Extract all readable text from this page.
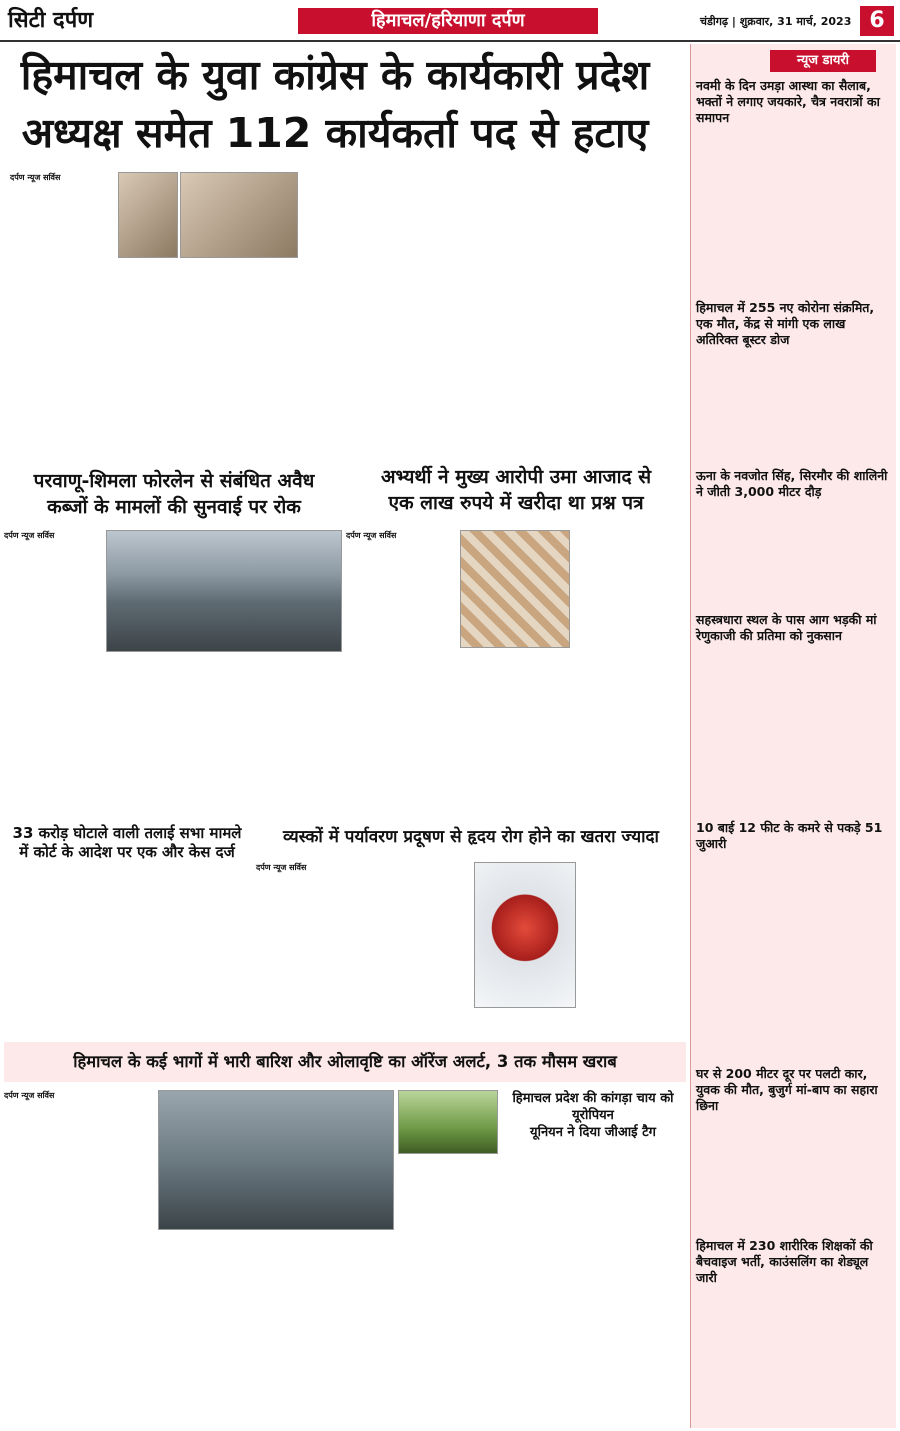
सिटी दर्पण	हिमाचल/हरियाणा दर्पण	चंडीगढ़ | शुक्रवार, 31 मार्च, 2023 6
हिमाचल के युवा कांग्रेस के कार्यकारी प्रदेश
अध्यक्ष समेत 112 कार्यकर्ता पद से हटाए
दर्पण न्यूज सर्विस
परवाणू-शिमला फोरलेन से संबंधित अवैध
कब्जों के मामलों की सुनवाई पर रोक
दर्पण न्यूज सर्विस
अभ्यर्थी ने मुख्य आरोपी उमा आजाद से
एक लाख रुपये में खरीदा था प्रश्न पत्र
दर्पण न्यूज सर्विस
33 करोड़ घोटाले वाली तलाई सभा मामले
में कोर्ट के आदेश पर एक और केस दर्ज
व्यस्कों में पर्यावरण प्रदूषण से हृदय रोग होने का खतरा ज्यादा
दर्पण न्यूज सर्विस
हिमाचल के कई भागों में भारी बारिश और ओलावृष्टि का ऑरेंज अलर्ट, 3 तक मौसम खराब
दर्पण न्यूज सर्विस	हिमाचल प्रदेश की कांगड़ा चाय को यूरोपियन
यूनियन ने दिया जीआई टैग
न्यूज डायरी
नवमी के दिन उमड़ा आस्था का सैलाब, भक्तों ने लगाए जयकारे, चैत्र नवरात्रों का समापन
हिमाचल में 255 नए कोरोना संक्रमित, एक मौत, केंद्र से मांगी एक लाख अतिरिक्त बूस्टर डोज
ऊना के नवजोत सिंह, सिरमौर की शालिनी ने जीती 3,000 मीटर दौड़
सहस्त्रधारा स्थल के पास आग भड़की मां रेणुकाजी की प्रतिमा को नुकसान
10 बाई 12 फीट के कमरे से पकड़े 51 जुआरी
घर से 200 मीटर दूर पर पलटी कार, युवक की मौत, बुजुर्ग मां-बाप का सहारा छिना
हिमाचल में 230 शारीरिक शिक्षकों की बैचवाइज भर्ती, काउंसलिंग का शेड्यूल जारी
